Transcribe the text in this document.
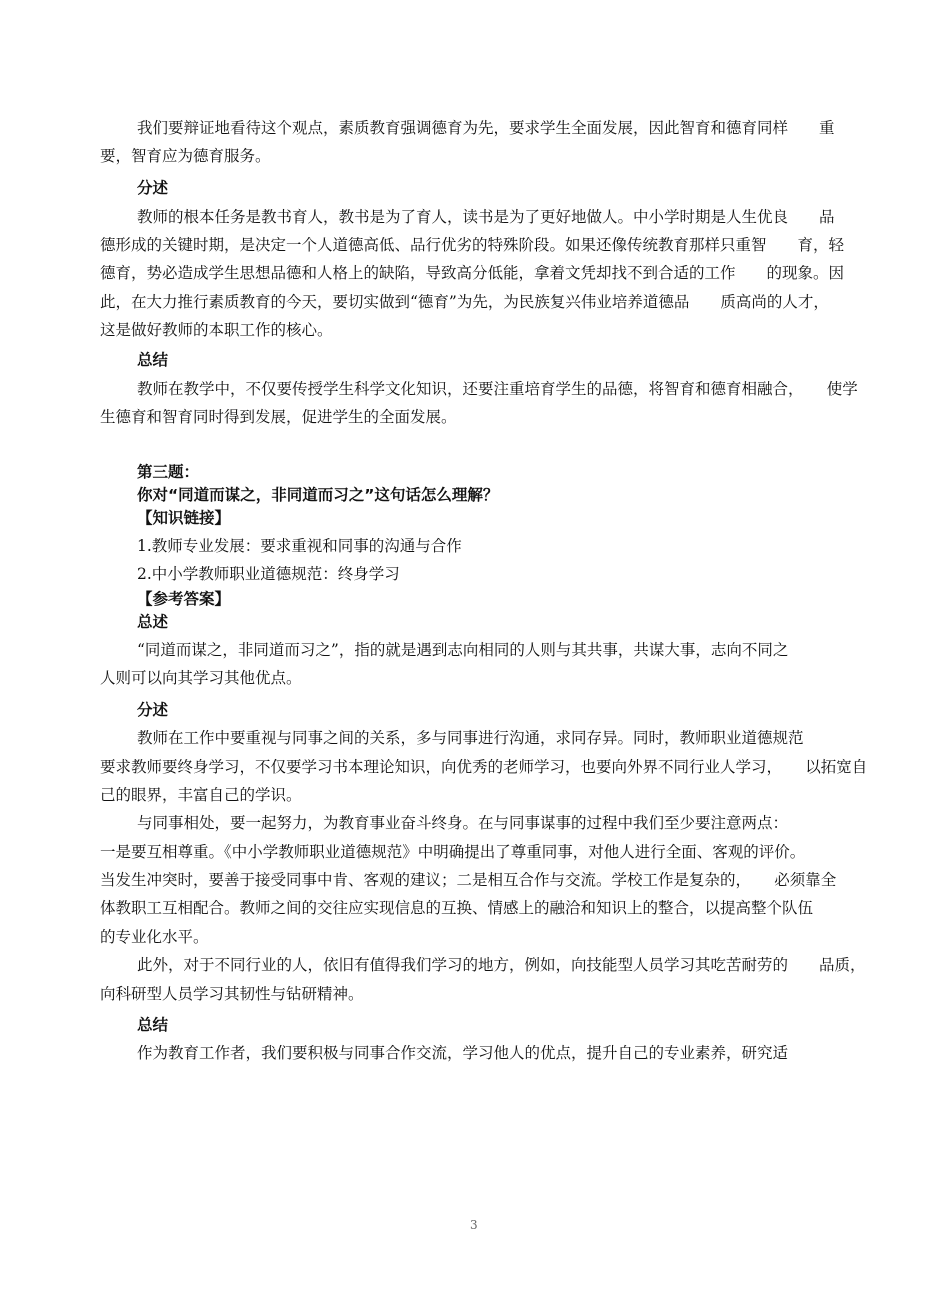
我们要辩证地看待这个观点，素质教育强调德育为先，要求学生全面发展，因此智育和德育同样　　重
要，智育应为德育服务。
分述
教师的根本任务是教书育人，教书是为了育人，读书是为了更好地做人。中小学时期是人生优良　　品
德形成的关键时期，是决定一个人道德高低、品行优劣的特殊阶段。如果还像传统教育那样只重智　　育，轻
德育，势必造成学生思想品德和人格上的缺陷，导致高分低能，拿着文凭却找不到合适的工作　　的现象。因
此，在大力推行素质教育的今天，要切实做到“德育”为先，为民族复兴伟业培养道德品　　质高尚的人才，
这是做好教师的本职工作的核心。
总结
教师在教学中，不仅要传授学生科学文化知识，还要注重培育学生的品德，将智育和德育相融合，　　使学
生德育和智育同时得到发展，促进学生的全面发展。
第三题：
你对“同道而谋之，非同道而习之”这句话怎么理解？
【知识链接】
1.教师专业发展：要求重视和同事的沟通与合作
2.中小学教师职业道德规范：终身学习
【参考答案】
总述
“同道而谋之，非同道而习之”，指的就是遇到志向相同的人则与其共事，共谋大事，志向不同之
人则可以向其学习其他优点。
分述
教师在工作中要重视与同事之间的关系，多与同事进行沟通，求同存异。同时，教师职业道德规范
要求教师要终身学习，不仅要学习书本理论知识，向优秀的老师学习，也要向外界不同行业人学习，　　以拓宽自
己的眼界，丰富自己的学识。
与同事相处，要一起努力，为教育事业奋斗终身。在与同事谋事的过程中我们至少要注意两点：
一是要互相尊重。《中小学教师职业道德规范》中明确提出了尊重同事，对他人进行全面、客观的评价。
当发生冲突时，要善于接受同事中肯、客观的建议；二是相互合作与交流。学校工作是复杂的，　　必须靠全
体教职工互相配合。教师之间的交往应实现信息的互换、情感上的融洽和知识上的整合，以提高整个队伍
的专业化水平。
此外，对于不同行业的人，依旧有值得我们学习的地方，例如，向技能型人员学习其吃苦耐劳的　　品质，
向科研型人员学习其韧性与钻研精神。
总结
作为教育工作者，我们要积极与同事合作交流，学习他人的优点，提升自己的专业素养，研究适
3
